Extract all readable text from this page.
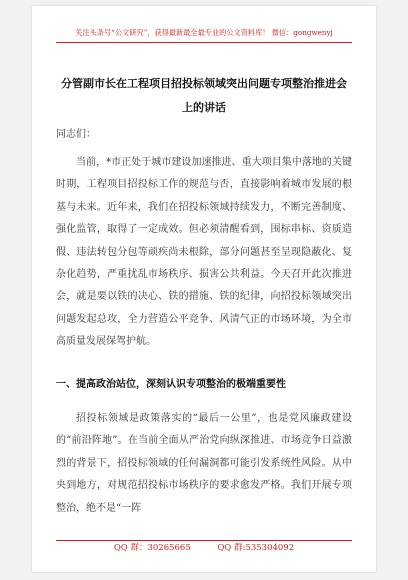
关注头条号“公文研究”，获得最新最全最专业的公文资料库！ 微信：gongwenyj
分管副市长在工程项目招投标领域突出问题专项整治推进会上的讲话
同志们：
当前，*市正处于城市建设加速推进、重大项目集中落地的关键时期，工程项目招投标工作的规范与否，直接影响着城市发展的根基与未来。近年来，我们在招投标领域持续发力，不断完善制度、强化监管，取得了一定成效。但必须清醒看到，围标串标、资质造假、违法转包分包等顽疾尚未根除，部分问题甚至呈现隐蔽化、复杂化趋势，严重扰乱市场秩序、损害公共利益。今天召开此次推进会，就是要以铁的决心、铁的措施、铁的纪律，向招投标领域突出问题发起总攻，全力营造公平竞争、风清气正的市场环境，为全市高质量发展保驾护航。
一、提高政治站位，深刻认识专项整治的极端重要性
招投标领域是政策落实的“最后一公里”，也是党风廉政建设的“前沿阵地”。在当前全面从严治党向纵深推进、市场竞争日益激烈的背景下，招投标领域的任何漏洞都可能引发系统性风险。从中央到地方，对规范招投标市场秩序的要求愈发严格。我们开展专项整治，绝不是“一阵
QQ 群：30265665	QQ 群:535304092
